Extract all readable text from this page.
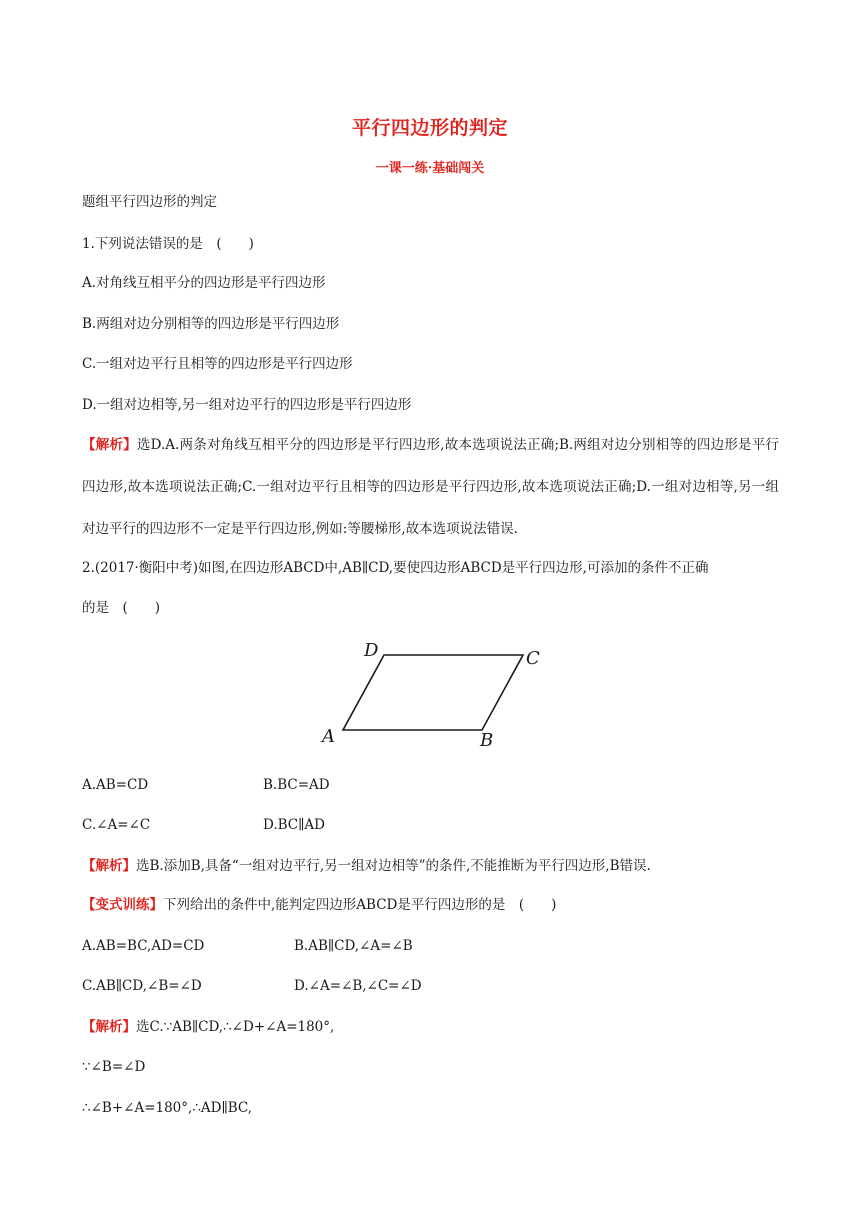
平行四边形的判定
一课一练·基础闯关
题组平行四边形的判定
1.下列说法错误的是　(　　)
A.对角线互相平分的四边形是平行四边形
B.两组对边分别相等的四边形是平行四边形
C.一组对边平行且相等的四边形是平行四边形
D.一组对边相等,另一组对边平行的四边形是平行四边形
【解析】选D.A.两条对角线互相平分的四边形是平行四边形,故本选项说法正确;B.两组对边分别相等的四边形是平行四边形,故本选项说法正确;C.一组对边平行且相等的四边形是平行四边形,故本选项说法正确;D.一组对边相等,另一组对边平行的四边形不一定是平行四边形,例如:等腰梯形,故本选项说法错误.
2.(2017·衡阳中考)如图,在四边形ABCD中,AB∥CD,要使四边形ABCD是平行四边形,可添加的条件不正确
的是　(　　)
D	C
A	B
A.AB=CD	B.BC=AD
C.∠A=∠C	D.BC∥AD
【解析】选B.添加B,具备“一组对边平行,另一组对边相等”的条件,不能推断为平行四边形,B错误.
【变式训练】下列给出的条件中,能判定四边形ABCD是平行四边形的是　(　　)
A.AB=BC,AD=CD	B.AB∥CD,∠A=∠B
C.AB∥CD,∠B=∠D	D.∠A=∠B,∠C=∠D
【解析】选C.∵AB∥CD,∴∠D+∠A=180°,
∵∠B=∠D
∴∠B+∠A=180°,∴AD∥BC,
